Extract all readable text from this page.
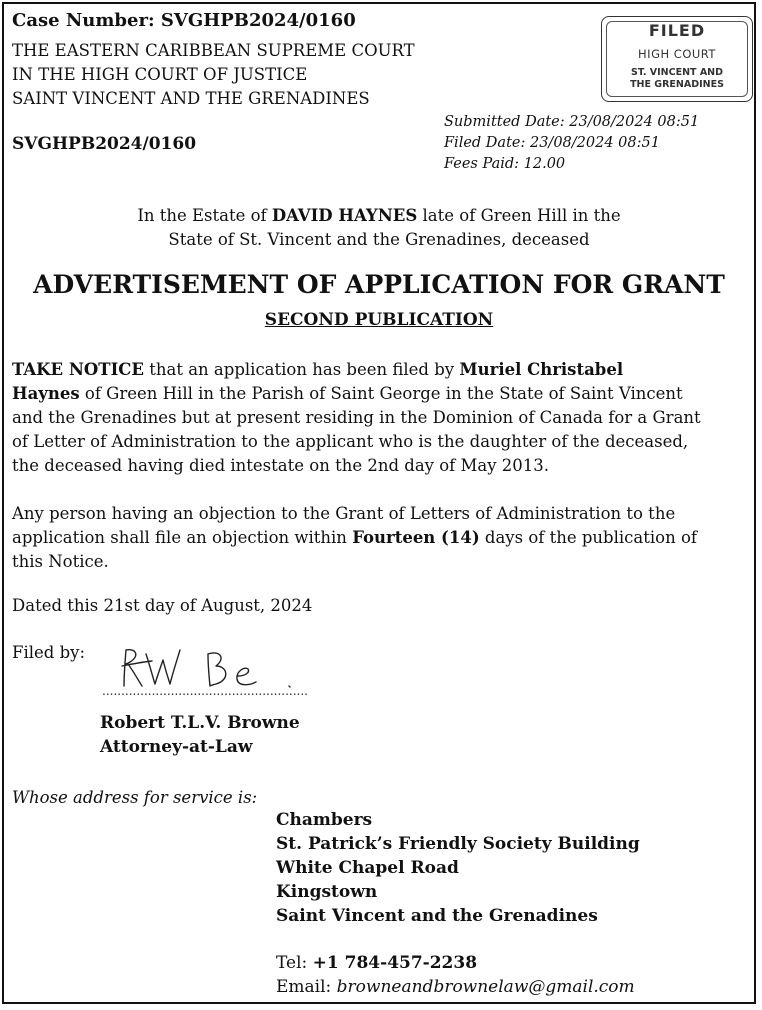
Case Number: SVGHPB2024/0160
THE EASTERN CARIBBEAN SUPREME COURT
IN THE HIGH COURT OF JUSTICE
SAINT VINCENT AND THE GRENADINES
SVGHPB2024/0160
Submitted Date: 23/08/2024 08:51
Filed Date: 23/08/2024 08:51
Fees Paid: 12.00
FILED
HIGH COURT
ST. VINCENT AND
THE GRENADINES
In the Estate of DAVID HAYNES late of Green Hill in the
State of St. Vincent and the Grenadines, deceased
ADVERTISEMENT OF APPLICATION FOR GRANT
SECOND PUBLICATION
TAKE NOTICE that an application has been filed by Muriel Christabel
Haynes of Green Hill in the Parish of Saint George in the State of Saint Vincent
and the Grenadines but at present residing in the Dominion of Canada for a Grant
of Letter of Administration to the applicant who is the daughter of the deceased,
the deceased having died intestate on the 2nd day of May 2013.
Any person having an objection to the Grant of Letters of Administration to the
application shall file an objection within Fourteen (14) days of the publication of
this Notice.
Dated this 21st day of August, 2024
Filed by:
......................................................
Robert T.L.V. Browne
Attorney-at-Law
Whose address for service is:
Chambers
St. Patrick’s Friendly Society Building
White Chapel Road
Kingstown
Saint Vincent and the Grenadines
Tel: +1 784-457-2238
Email: browneandbrownelaw@gmail.com
